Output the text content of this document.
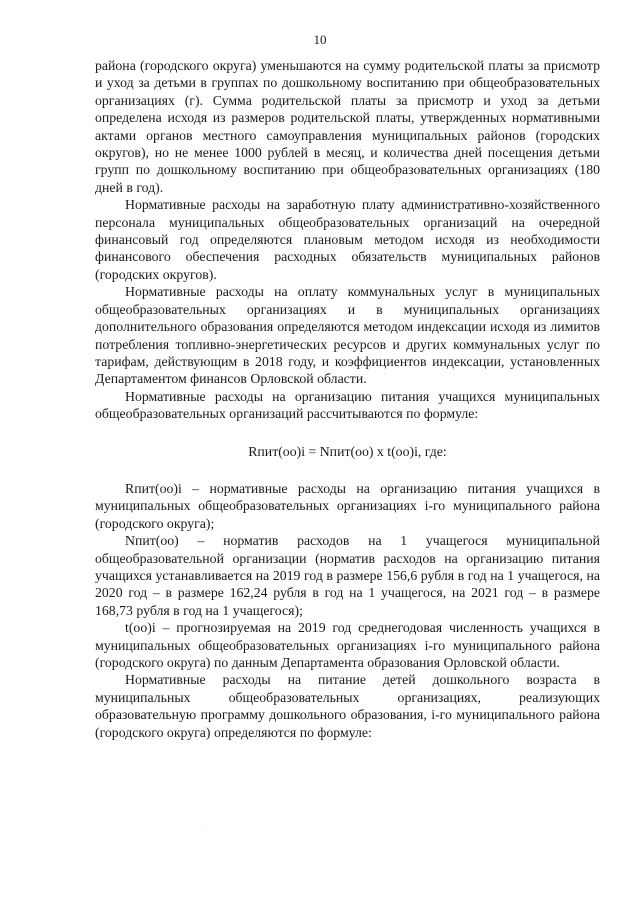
10

района (городского округа) уменьшаются на сумму родительской платы за присмотр и уход за детьми в группах по дошкольному воспитанию при общеобразовательных организациях (г). Сумма родительской платы за присмотр и уход за детьми определена исходя из размеров родительской платы, утвержденных нормативными актами органов местного самоуправления муниципальных районов (городских округов), но не менее 1000 рублей в месяц, и количества дней посещения детьми групп по дошкольному воспитанию при общеобразовательных организациях (180 дней в год).

Нормативные расходы на заработную плату административно-хозяйственного персонала муниципальных общеобразовательных организаций на очередной финансовый год определяются плановым методом исходя из необходимости финансового обеспечения расходных обязательств муниципальных районов (городских округов).

Нормативные расходы на оплату коммунальных услуг в муниципальных общеобразовательных организациях и в муниципальных организациях дополнительного образования определяются методом индексации исходя из лимитов потребления топливно-энергетических ресурсов и других коммунальных услуг по тарифам, действующим в 2018 году, и коэффициентов индексации, установленных Департаментом финансов Орловской области.

Нормативные расходы на организацию питания учащихся муниципальных общеобразовательных организаций рассчитываются по формуле:

Rпит(оо)i = Nпит(оо) х t(оо)i, где:

Rпит(оо)i – нормативные расходы на организацию питания учащихся в муниципальных общеобразовательных организациях i-го муниципального района (городского округа);

Nпит(оо) – норматив расходов на 1 учащегося муниципальной общеобразовательной организации (норматив расходов на организацию питания учащихся устанавливается на 2019 год в размере 156,6 рубля в год на 1 учащегося, на 2020 год – в размере 162,24 рубля в год на 1 учащегося, на 2021 год – в размере 168,73 рубля в год на 1 учащегося);

t(оо)i – прогнозируемая на 2019 год среднегодовая численность учащихся в муниципальных общеобразовательных организациях i-го муниципального района (городского округа) по данным Департамента образования Орловской области.

Нормативные расходы на питание детей дошкольного возраста в муниципальных общеобразовательных организациях, реализующих образовательную программу дошкольного образования, i-го муниципального района (городского округа) определяются по формуле:

· · ·
